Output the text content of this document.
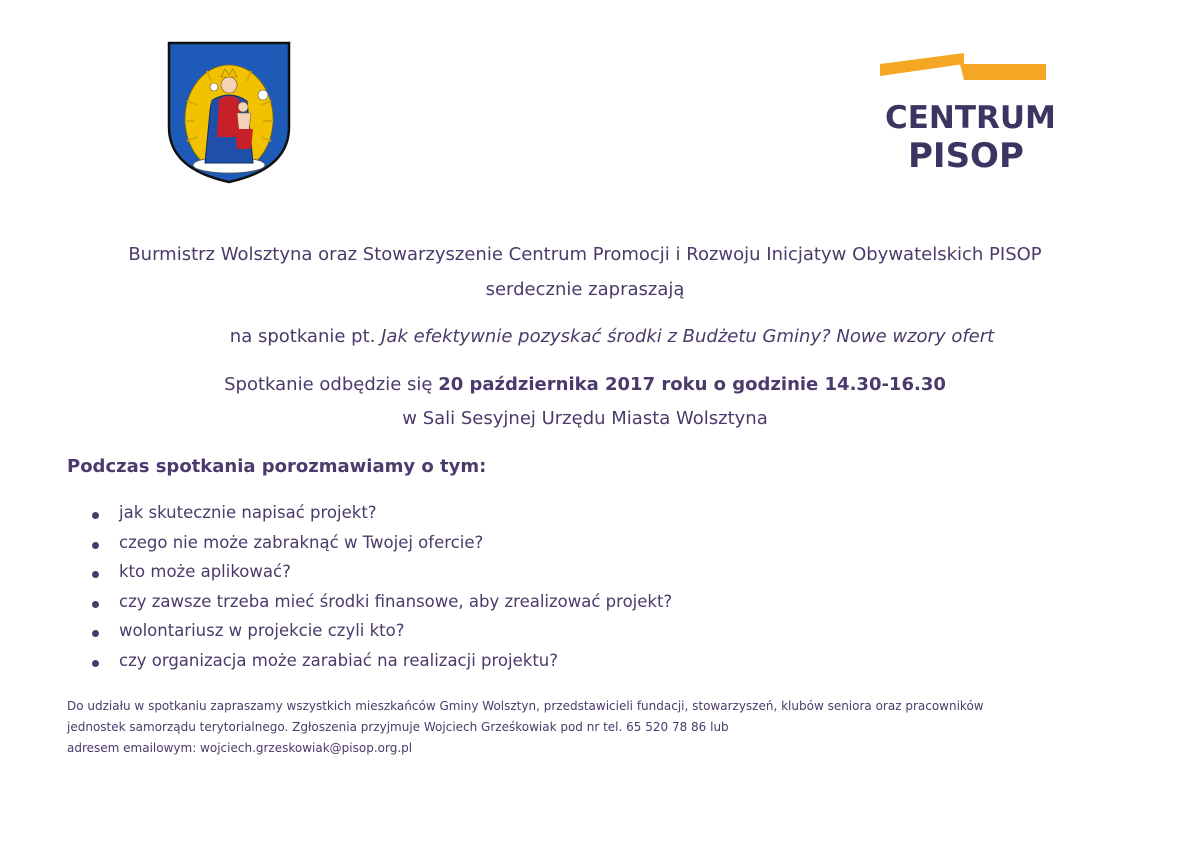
CENTRUM
PISOP
Burmistrz Wolsztyna oraz Stowarzyszenie Centrum Promocji i Rozwoju Inicjatyw Obywatelskich PISOP
serdecznie zapraszają
na spotkanie pt. Jak efektywnie pozyskać środki z Budżetu Gminy? Nowe wzory ofert
Spotkanie odbędzie się 20 października 2017 roku o godzinie 14.30-16.30
w Sali Sesyjnej Urzędu Miasta Wolsztyna
Podczas spotkania porozmawiamy o tym:
jak skutecznie napisać projekt?
czego nie może zabraknąć w Twojej ofercie?
kto może aplikować?
czy zawsze trzeba mieć środki finansowe, aby zrealizować projekt?
wolontariusz w projekcie czyli kto?
czy organizacja może zarabiać na realizacji projektu?
Do udziału w spotkaniu zapraszamy wszystkich mieszkańców Gminy Wolsztyn, przedstawicieli fundacji, stowarzyszeń, klubów seniora oraz pracowników
jednostek samorządu terytorialnego. Zgłoszenia przyjmuje Wojciech Grześkowiak pod nr tel. 65 520 78 86 lub
adresem emailowym: wojciech.grzeskowiak@pisop.org.pl
